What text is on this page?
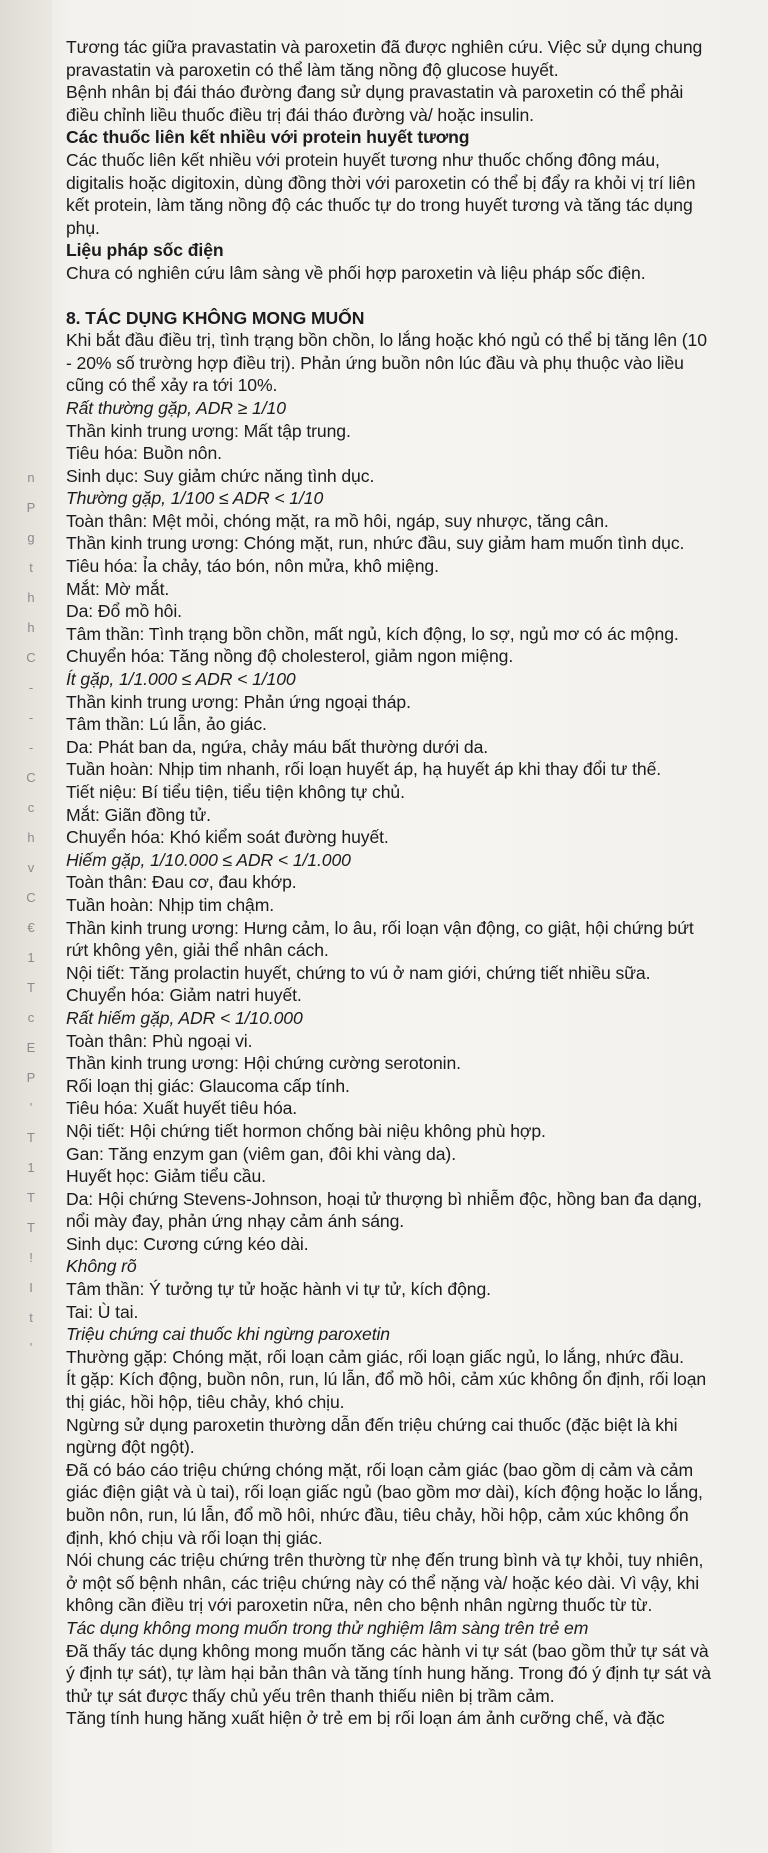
n
P
g
t
h
h
C
-
-
-
C
c
h
v
C
€
1
T
c
E
P
'
T
1
T
T
!
I
t
'

Tương tác giữa pravastatin và paroxetin đã được nghiên cứu. Việc sử dụng chung pravastatin và paroxetin có thể làm tăng nồng độ glucose huyết.

Bệnh nhân bị đái tháo đường đang sử dụng pravastatin và paroxetin có thể phải điều chỉnh liều thuốc điều trị đái tháo đường và/ hoặc insulin.

Các thuốc liên kết nhiều với protein huyết tương

Các thuốc liên kết nhiều với protein huyết tương như thuốc chống đông máu, digitalis hoặc digitoxin, dùng đồng thời với paroxetin có thể bị đẩy ra khỏi vị trí liên kết protein, làm tăng nồng độ các thuốc tự do trong huyết tương và tăng tác dụng phụ.

Liệu pháp sốc điện

Chưa có nghiên cứu lâm sàng về phối hợp paroxetin và liệu pháp sốc điện.

8. TÁC DỤNG KHÔNG MONG MUỐN

Khi bắt đầu điều trị, tình trạng bồn chồn, lo lắng hoặc khó ngủ có thể bị tăng lên (10 - 20% số trường hợp điều trị). Phản ứng buồn nôn lúc đầu và phụ thuộc vào liều cũng có thể xảy ra tới 10%.

Rất thường gặp, ADR ≥ 1/10

Thần kinh trung ương: Mất tập trung.

Tiêu hóa: Buồn nôn.

Sinh dục: Suy giảm chức năng tình dục.

Thường gặp, 1/100 ≤ ADR < 1/10

Toàn thân: Mệt mỏi, chóng mặt, ra mồ hôi, ngáp, suy nhược, tăng cân.

Thần kinh trung ương: Chóng mặt, run, nhức đầu, suy giảm ham muốn tình dục.

Tiêu hóa: Ỉa chảy, táo bón, nôn mửa, khô miệng.

Mắt: Mờ mắt.

Da: Đổ mồ hôi.

Tâm thần: Tình trạng bồn chồn, mất ngủ, kích động, lo sợ, ngủ mơ có ác mộng.

Chuyển hóa: Tăng nồng độ cholesterol, giảm ngon miệng.

Ít gặp, 1/1.000 ≤ ADR < 1/100

Thần kinh trung ương: Phản ứng ngoại tháp.

Tâm thần: Lú lẫn, ảo giác.

Da: Phát ban da, ngứa, chảy máu bất thường dưới da.

Tuần hoàn: Nhịp tim nhanh, rối loạn huyết áp, hạ huyết áp khi thay đổi tư thế.

Tiết niệu: Bí tiểu tiện, tiểu tiện không tự chủ.

Mắt: Giãn đồng tử.

Chuyển hóa: Khó kiểm soát đường huyết.

Hiếm gặp, 1/10.000 ≤ ADR < 1/1.000

Toàn thân: Đau cơ, đau khớp.

Tuần hoàn: Nhịp tim chậm.

Thần kinh trung ương: Hưng cảm, lo âu, rối loạn vận động, co giật, hội chứng bứt rứt không yên, giải thể nhân cách.

Nội tiết: Tăng prolactin huyết, chứng to vú ở nam giới, chứng tiết nhiều sữa.

Chuyển hóa: Giảm natri huyết.

Rất hiếm gặp, ADR < 1/10.000

Toàn thân: Phù ngoại vi.

Thần kinh trung ương: Hội chứng cường serotonin.

Rối loạn thị giác: Glaucoma cấp tính.

Tiêu hóa: Xuất huyết tiêu hóa.

Nội tiết: Hội chứng tiết hormon chống bài niệu không phù hợp.

Gan: Tăng enzym gan (viêm gan, đôi khi vàng da).

Huyết học: Giảm tiểu cầu.

Da: Hội chứng Stevens-Johnson, hoại tử thượng bì nhiễm độc, hồng ban đa dạng, nổi mày đay, phản ứng nhạy cảm ánh sáng.

Sinh dục: Cương cứng kéo dài.

Không rõ

Tâm thần: Ý tưởng tự tử hoặc hành vi tự tử, kích động.

Tai: Ù tai.

Triệu chứng cai thuốc khi ngừng paroxetin

Thường gặp: Chóng mặt, rối loạn cảm giác, rối loạn giấc ngủ, lo lắng, nhức đầu.

Ít gặp: Kích động, buồn nôn, run, lú lẫn, đổ mồ hôi, cảm xúc không ổn định, rối loạn thị giác, hồi hộp, tiêu chảy, khó chịu.

Ngừng sử dụng paroxetin thường dẫn đến triệu chứng cai thuốc (đặc biệt là khi ngừng đột ngột).

Đã có báo cáo triệu chứng chóng mặt, rối loạn cảm giác (bao gồm dị cảm và cảm giác điện giật và ù tai), rối loạn giấc ngủ (bao gồm mơ dài), kích động hoặc lo lắng, buồn nôn, run, lú lẫn, đổ mồ hôi, nhức đầu, tiêu chảy, hồi hộp, cảm xúc không ổn định, khó chịu và rối loạn thị giác.

Nói chung các triệu chứng trên thường từ nhẹ đến trung bình và tự khỏi, tuy nhiên, ở một số bệnh nhân, các triệu chứng này có thể nặng và/ hoặc kéo dài. Vì vậy, khi không cần điều trị với paroxetin nữa, nên cho bệnh nhân ngừng thuốc từ từ.

Tác dụng không mong muốn trong thử nghiệm lâm sàng trên trẻ em

Đã thấy tác dụng không mong muốn tăng các hành vi tự sát (bao gồm thử tự sát và ý định tự sát), tự làm hại bản thân và tăng tính hung hăng. Trong đó ý định tự sát và thử tự sát được thấy chủ yếu trên thanh thiếu niên bị trầm cảm.

Tăng tính hung hăng xuất hiện ở trẻ em bị rối loạn ám ảnh cưỡng chế, và đặc
